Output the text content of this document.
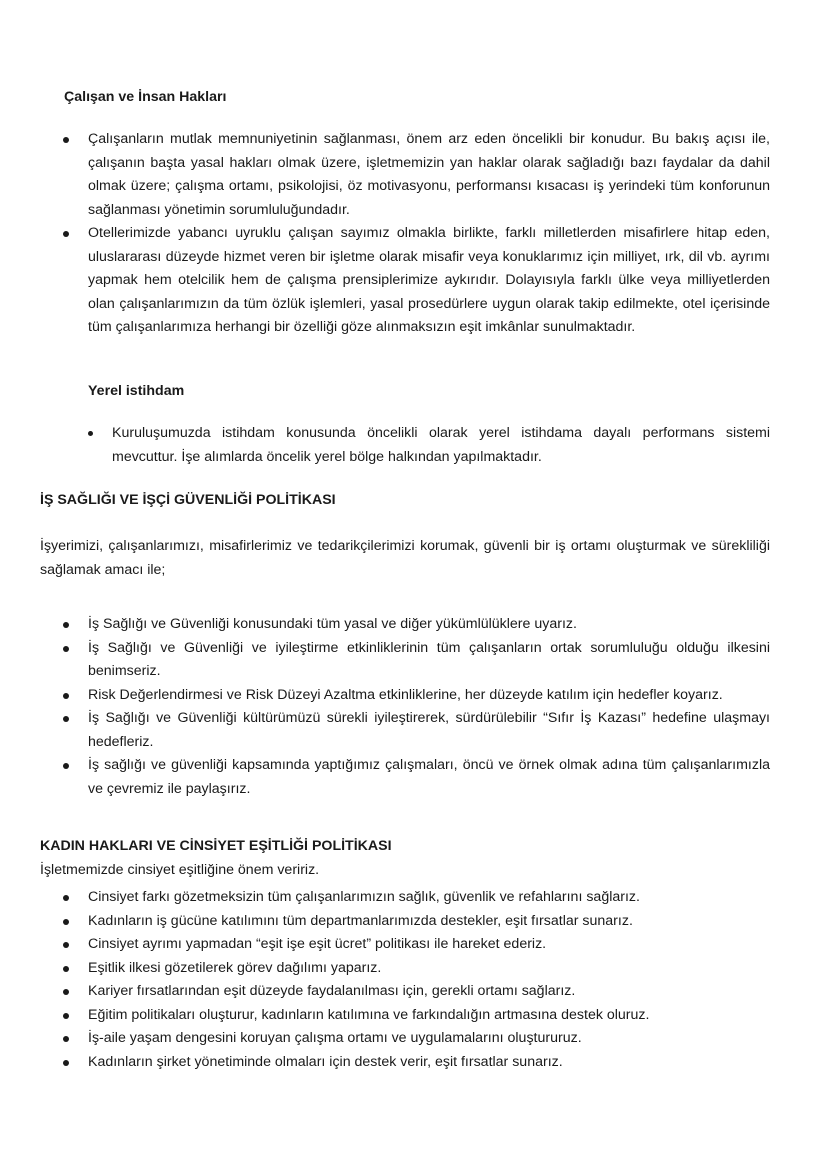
Çalışan ve İnsan Hakları
Çalışanların mutlak memnuniyetinin sağlanması, önem arz eden öncelikli bir konudur. Bu bakış açısı ile, çalışanın başta yasal hakları olmak üzere, işletmemizin yan haklar olarak sağladığı bazı faydalar da dahil olmak üzere; çalışma ortamı, psikolojisi, öz motivasyonu, performansı kısacası iş yerindeki tüm konforunun sağlanması yönetimin sorumluluğundadır.
Otellerimizde yabancı uyruklu çalışan sayımız olmakla birlikte, farklı milletlerden misafirlere hitap eden, uluslararası düzeyde hizmet veren bir işletme olarak misafir veya konuklarımız için milliyet, ırk, dil vb. ayrımı yapmak hem otelcilik hem de çalışma prensiplerimize aykırıdır. Dolayısıyla farklı ülke veya milliyetlerden olan çalışanlarımızın da tüm özlük işlemleri, yasal prosedürlere uygun olarak takip edilmekte, otel içerisinde tüm çalışanlarımıza herhangi bir özelliği göze alınmaksızın eşit imkânlar sunulmaktadır.
Yerel istihdam
Kuruluşumuzda istihdam konusunda öncelikli olarak yerel istihdama dayalı performans sistemi mevcuttur. İşe alımlarda öncelik yerel bölge halkından yapılmaktadır.
İŞ SAĞLIĞI VE İŞÇİ GÜVENLİĞİ POLİTİKASI
İşyerimizi, çalışanlarımızı, misafirlerimiz ve tedarikçilerimizi korumak, güvenli bir iş ortamı oluşturmak ve sürekliliği sağlamak amacı ile;
İş Sağlığı ve Güvenliği konusundaki tüm yasal ve diğer yükümlülüklere uyarız.
İş Sağlığı ve Güvenliği ve iyileştirme etkinliklerinin tüm çalışanların ortak sorumluluğu olduğu ilkesini benimseriz.
Risk Değerlendirmesi ve Risk Düzeyi Azaltma etkinliklerine, her düzeyde katılım için hedefler koyarız.
İş Sağlığı ve Güvenliği kültürümüzü sürekli iyileştirerek, sürdürülebilir “Sıfır İş Kazası” hedefine ulaşmayı hedefleriz.
İş sağlığı ve güvenliği kapsamında yaptığımız çalışmaları, öncü ve örnek olmak adına tüm çalışanlarımızla ve çevremiz ile paylaşırız.
KADIN HAKLARI VE CİNSİYET EŞİTLİĞİ POLİTİKASI
İşletmemizde cinsiyet eşitliğine önem veririz.
Cinsiyet farkı gözetmeksizin tüm çalışanlarımızın sağlık, güvenlik ve refahlarını sağlarız.
Kadınların iş gücüne katılımını tüm departmanlarımızda destekler, eşit fırsatlar sunarız.
Cinsiyet ayrımı yapmadan “eşit işe eşit ücret” politikası ile hareket ederiz.
Eşitlik ilkesi gözetilerek görev dağılımı yaparız.
Kariyer fırsatlarından eşit düzeyde faydalanılması için, gerekli ortamı sağlarız.
Eğitim politikaları oluşturur, kadınların katılımına ve farkındalığın artmasına destek oluruz.
İş-aile yaşam dengesini koruyan çalışma ortamı ve uygulamalarını oluştururuz.
Kadınların şirket yönetiminde olmaları için destek verir, eşit fırsatlar sunarız.
